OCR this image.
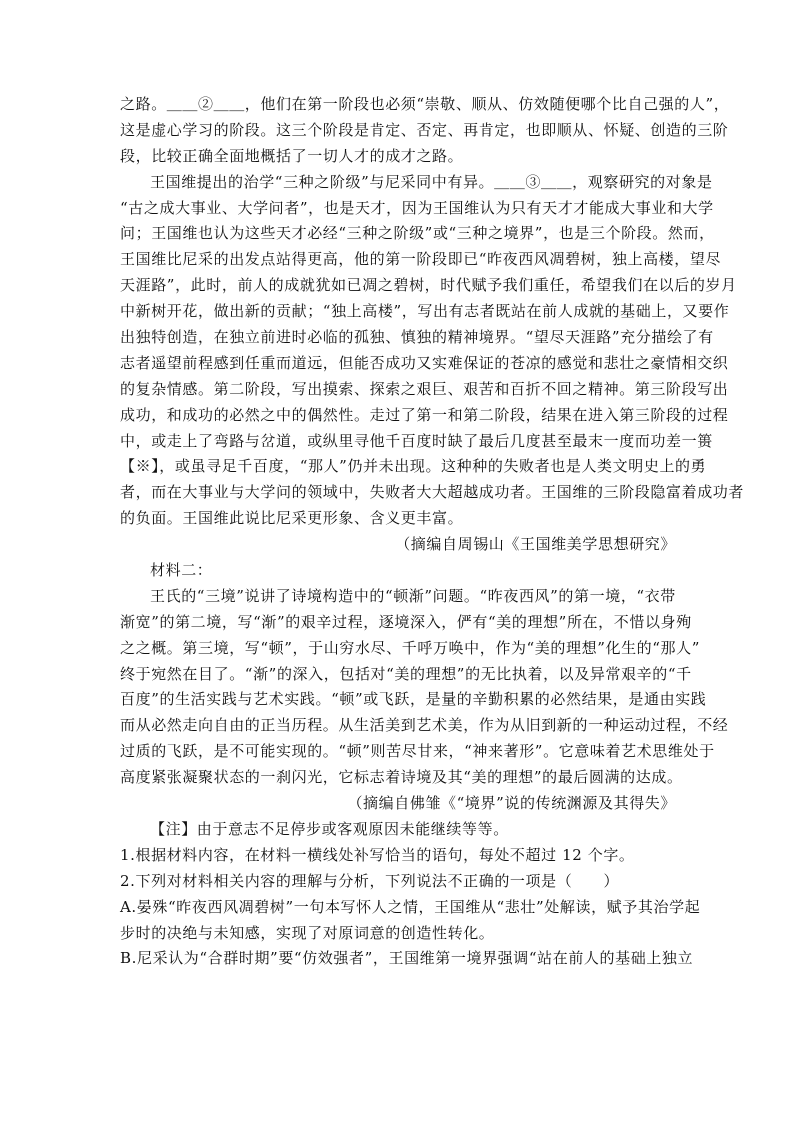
之路。＿＿②＿＿，他们在第一阶段也必须“崇敬、顺从、仿效随便哪个比自己强的人”，
这是虚心学习的阶段。这三个阶段是肯定、否定、再肯定，也即顺从、怀疑、创造的三阶
段，比较正确全面地概括了一切人才的成才之路。
王国维提出的治学“三种之阶级”与尼采同中有异。＿＿③＿＿，观察研究的对象是
“古之成大事业、大学问者”，也是天才，因为王国维认为只有天才才能成大事业和大学
问；王国维也认为这些天才必经“三种之阶级”或“三种之境界”，也是三个阶段。然而，
王国维比尼采的出发点站得更高，他的第一阶段即已“昨夜西风凋碧树，独上高楼，望尽
天涯路”，此时，前人的成就犹如已凋之碧树，时代赋予我们重任，希望我们在以后的岁月
中新树开花，做出新的贡献；“独上高楼”，写出有志者既站在前人成就的基础上，又要作
出独特创造，在独立前进时必临的孤独、慎独的精神境界。“望尽天涯路”充分描绘了有
志者遥望前程感到任重而道远，但能否成功又实难保证的苍凉的感觉和悲壮之豪情相交织
的复杂情感。第二阶段，写出摸索、探索之艰巨、艰苦和百折不回之精神。第三阶段写出
成功，和成功的必然之中的偶然性。走过了第一和第二阶段，结果在进入第三阶段的过程
中，或走上了弯路与岔道，或纵里寻他千百度时缺了最后几度甚至最末一度而功差一篑
【※】，或虽寻足千百度，“那人”仍并未出现。这种种的失败者也是人类文明史上的勇
者，而在大事业与大学问的领域中，失败者大大超越成功者。王国维的三阶段隐富着成功者
的负面。王国维此说比尼采更形象、含义更丰富。
（摘编自周锡山《王国维美学思想研究》
材料二：
王氏的“三境”说讲了诗境构造中的“顿渐”问题。“昨夜西风”的第一境，“衣带
渐宽”的第二境，写“渐”的艰辛过程，逐境深入，俨有“美的理想”所在，不惜以身殉
之之概。第三境，写“顿”，于山穷水尽、千呼万唤中，作为“美的理想”化生的“那人”
终于宛然在目了。“渐”的深入，包括对“美的理想”的无比执着，以及异常艰辛的“千
百度”的生活实践与艺术实践。“顿”或飞跃，是量的辛勤积累的必然结果，是通由实践
而从必然走向自由的正当历程。从生活美到艺术美，作为从旧到新的一种运动过程，不经
过质的飞跃，是不可能实现的。“顿”则苦尽甘来，“神来著形”。它意味着艺术思维处于
高度紧张凝聚状态的一刹闪光，它标志着诗境及其“美的理想”的最后圆满的达成。
（摘编自佛雏《“境界”说的传统渊源及其得失》
【注】由于意志不足停步或客观原因未能继续等等。
1.根据材料内容，在材料一横线处补写恰当的语句，每处不超过 12 个字。
2.下列对材料相关内容的理解与分析，下列说法不正确的一项是（　　）
A.晏殊“昨夜西风凋碧树”一句本写怀人之情，王国维从“悲壮”处解读，赋予其治学起
步时的决绝与未知感，实现了对原词意的创造性转化。
B.尼采认为“合群时期”要“仿效强者”，王国维第一境界强调“站在前人的基础上独立
